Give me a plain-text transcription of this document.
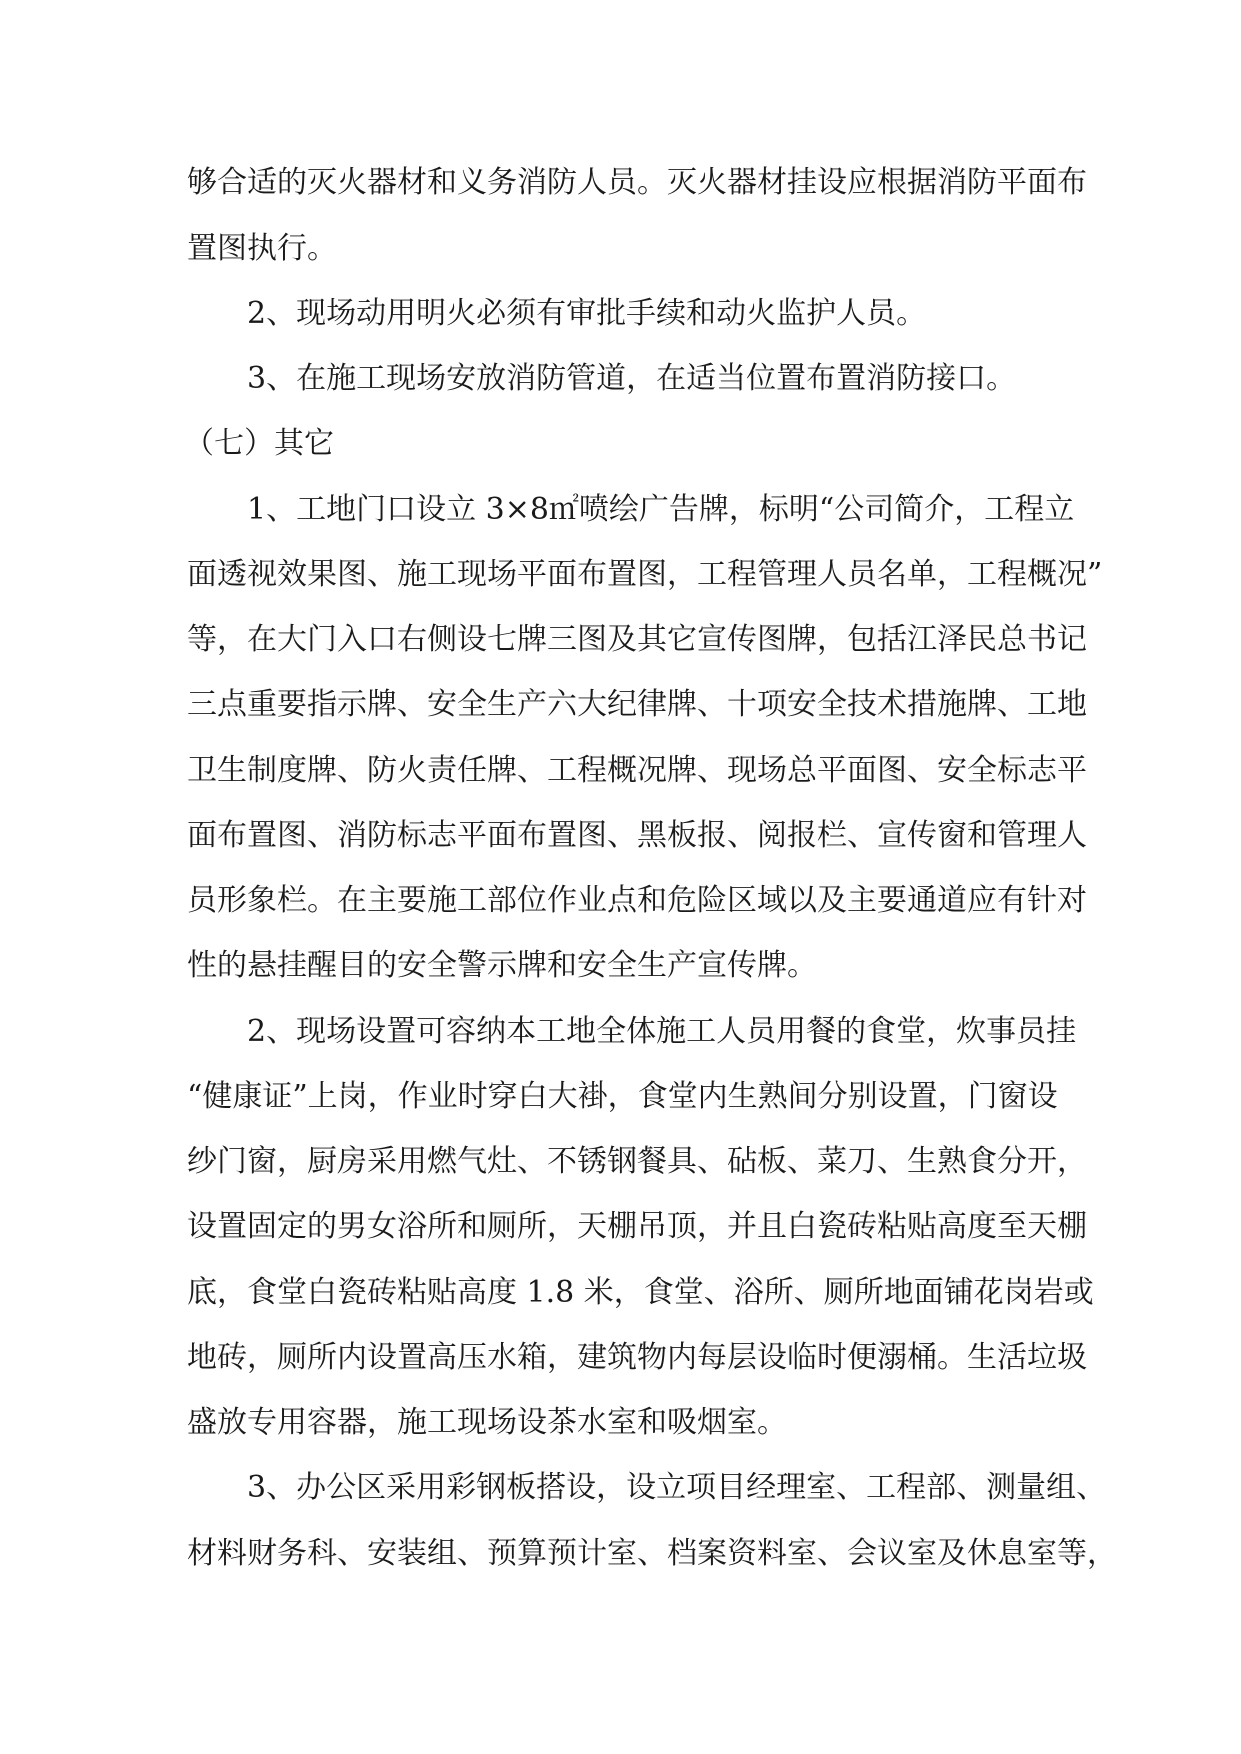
够合适的灭火器材和义务消防人员。灭火器材挂设应根据消防平面布
置图执行。
2、现场动用明火必须有审批手续和动火监护人员。
3、在施工现场安放消防管道，在适当位置布置消防接口。
（七）其它
1、工地门口设立 3×8㎡喷绘广告牌，标明“公司简介，工程立
面透视效果图、施工现场平面布置图，工程管理人员名单，工程概况”
等，在大门入口右侧设七牌三图及其它宣传图牌，包括江泽民总书记
三点重要指示牌、安全生产六大纪律牌、十项安全技术措施牌、工地
卫生制度牌、防火责任牌、工程概况牌、现场总平面图、安全标志平
面布置图、消防标志平面布置图、黑板报、阅报栏、宣传窗和管理人
员形象栏。在主要施工部位作业点和危险区域以及主要通道应有针对
性的悬挂醒目的安全警示牌和安全生产宣传牌。
2、现场设置可容纳本工地全体施工人员用餐的食堂，炊事员挂
“健康证”上岗，作业时穿白大褂，食堂内生熟间分别设置，门窗设
纱门窗，厨房采用燃气灶、不锈钢餐具、砧板、菜刀、生熟食分开，
设置固定的男女浴所和厕所，天棚吊顶，并且白瓷砖粘贴高度至天棚
底，食堂白瓷砖粘贴高度 1.8 米，食堂、浴所、厕所地面铺花岗岩或
地砖，厕所内设置高压水箱，建筑物内每层设临时便溺桶。生活垃圾
盛放专用容器，施工现场设茶水室和吸烟室。
3、办公区采用彩钢板搭设，设立项目经理室、工程部、测量组、
材料财务科、安装组、预算预计室、档案资料室、会议室及休息室等，
